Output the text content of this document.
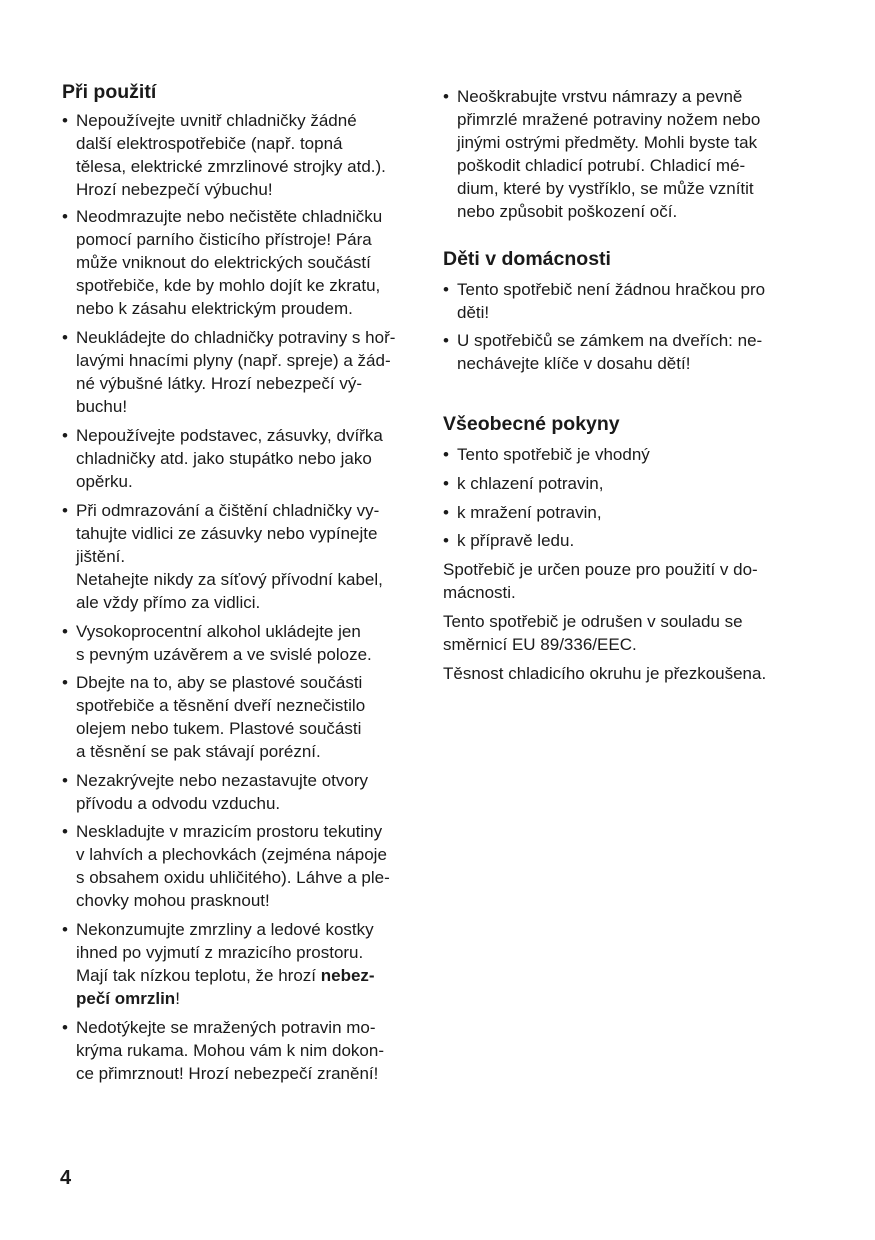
Při použití
• Nepoužívejte uvnitř chladničky žádné
další elektrospotřebiče (např. topná
tělesa, elektrické zmrzlinové strojky atd.).
Hrozí nebezpečí výbuchu!
• Neodmrazujte nebo nečistěte chladničku
pomocí parního čisticího přístroje! Pára
může vniknout do elektrických součástí
spotřebiče, kde by mohlo dojít ke zkratu,
nebo k zásahu elektrickým proudem.
• Neukládejte do chladničky potraviny s hoř-
lavými hnacími plyny (např. spreje) a žád-
né výbušné látky. Hrozí nebezpečí vý-
buchu!
• Nepoužívejte podstavec, zásuvky, dvířka
chladničky atd. jako stupátko nebo jako
opěrku.
• Při odmrazování a čištění chladničky vy-
tahujte vidlici ze zásuvky nebo vypínejte
jištění.
Netahejte nikdy za síťový přívodní kabel,
ale vždy přímo za vidlici.
• Vysokoprocentní alkohol ukládejte jen
s pevným uzávěrem a ve svislé poloze.
• Dbejte na to, aby se plastové součásti
spotřebiče a těsnění dveří neznečistilo
olejem nebo tukem. Plastové součásti
a těsnění se pak stávají porézní.
• Nezakrývejte nebo nezastavujte otvory
přívodu a odvodu vzduchu.
• Neskladujte v mrazicím prostoru tekutiny
v lahvích a plechovkách (zejména nápoje
s obsahem oxidu uhličitého). Láhve a ple-
chovky mohou prasknout!
• Nekonzumujte zmrzliny a ledové kostky
ihned po vyjmutí z mrazicího prostoru.
Mají tak nízkou teplotu, že hrozí nebez-
pečí omrzlin!
• Nedotýkejte se mražených potravin mo-
krýma rukama. Mohou vám k nim dokon-
ce přimrznout! Hrozí nebezpečí zranění!
• Neoškrabujte vrstvu námrazy a pevně
přimrzlé mražené potraviny nožem nebo
jinými ostrými předměty. Mohli byste tak
poškodit chladicí potrubí. Chladicí mé-
dium, které by vystříklo, se může vznítit
nebo způsobit poškození očí.
Děti v domácnosti
• Tento spotřebič není žádnou hračkou pro
děti!
• U spotřebičů se zámkem na dveřích: ne-
nechávejte klíče v dosahu dětí!
Všeobecné pokyny
• Tento spotřebič je vhodný
• k chlazení potravin,
• k mražení potravin,
• k přípravě ledu.
Spotřebič je určen pouze pro použití v do-
mácnosti.
Tento spotřebič je odrušen v souladu se
směrnicí EU 89/336/EEC.
Těsnost chladicího okruhu je přezkoušena.
4
